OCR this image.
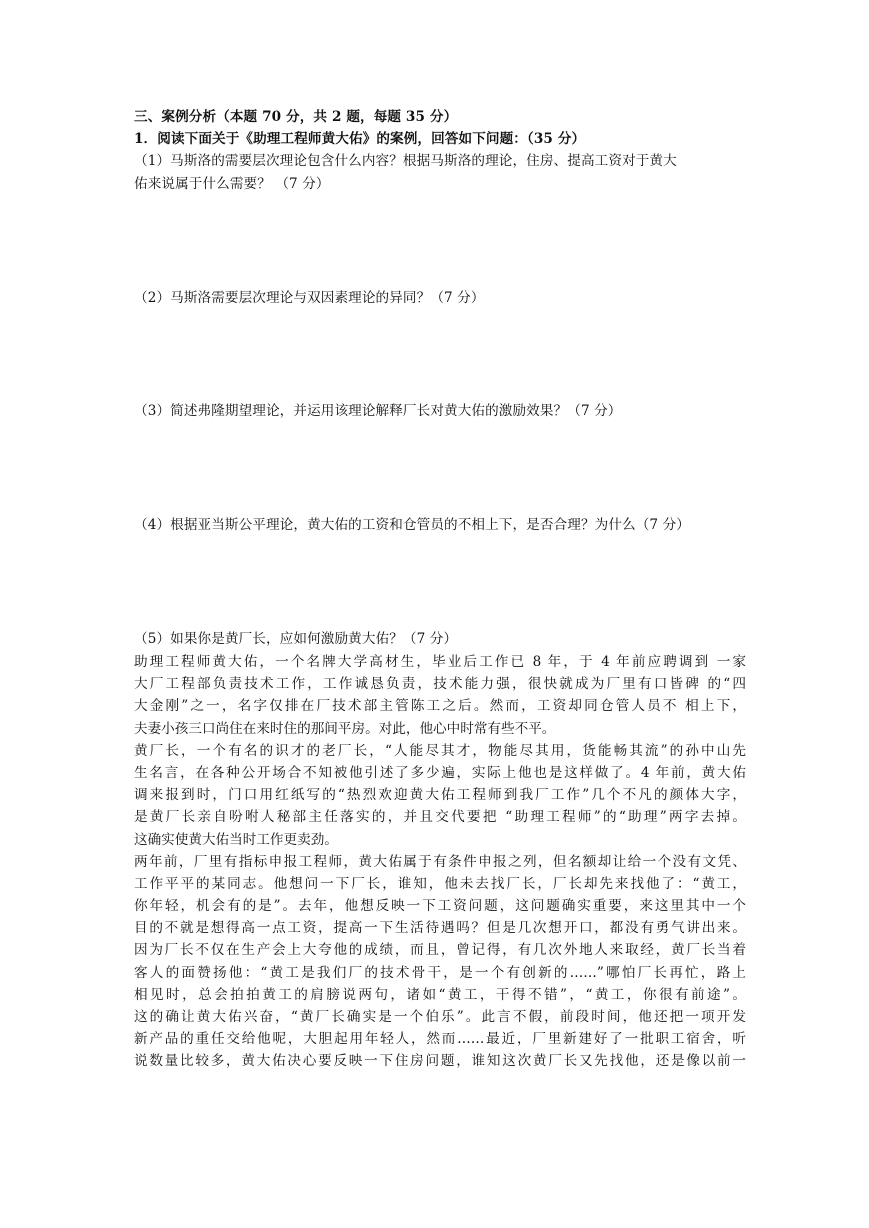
三、案例分析（本题 70 分，共 2 题，每题 35 分）
1．阅读下面关于《助理工程师黄大佑》的案例，回答如下问题：（35 分）
（1）马斯洛的需要层次理论包含什么内容？根据马斯洛的理论，住房、提高工资对于黄大
佑来说属于什么需要？ （7 分）
（2）马斯洛需要层次理论与双因素理论的异同？（7 分）
（3）简述弗隆期望理论，并运用该理论解释厂长对黄大佑的激励效果？（7 分）
（4）根据亚当斯公平理论，黄大佑的工资和仓管员的不相上下，是否合理？为什么（7 分）
（5）如果你是黄厂长，应如何激励黄大佑？（7 分）
助理工程师黄大佑，一个名牌大学高材生，毕业后工作已 8 年，于 4 年前应聘调到 一家
大厂工程部负责技术工作，工作诚恳负责，技术能力强，很快就成为厂里有口皆碑 的“四
大金刚”之一，名字仅排在厂技术部主管陈工之后。然而，工资却同仓管人员不 相上下，
夫妻小孩三口尚住在来时住的那间平房。对此，他心中时常有些不平。
黄厂长，一个有名的识才的老厂长，“人能尽其才，物能尽其用，货能畅其流”的孙中山先
生名言，在各种公开场合不知被他引述了多少遍，实际上他也是这样做了。4 年前，黄大佑
调来报到时，门口用红纸写的“热烈欢迎黄大佑工程师到我厂工作”几个不凡的颜体大字，
是黄厂长亲自吩咐人秘部主任落实的，并且交代要把 “助理工程师”的“助理”两字去掉。
这确实使黄大佑当时工作更卖劲。
两年前，厂里有指标申报工程师，黄大佑属于有条件申报之列，但名额却让给一个没有文凭、
工作平平的某同志。他想问一下厂长，谁知，他未去找厂长，厂长却先来找他了：“黄工，
你年轻，机会有的是”。去年，他想反映一下工资问题，这问题确实重要，来这里其中一个
目的不就是想得高一点工资，提高一下生活待遇吗？但是几次想开口，都没有勇气讲出来。
因为厂长不仅在生产会上大夸他的成绩，而且，曾记得，有几次外地人来取经，黄厂长当着
客人的面赞扬他：“黄工是我们厂的技术骨干，是一个有创新的……”哪怕厂长再忙，路上
相见时，总会拍拍黄工的肩膀说两句，诸如“黄工，干得不错”，“黄工，你很有前途”。
这的确让黄大佑兴奋，“黄厂长确实是一个伯乐”。此言不假，前段时间，他还把一项开发
新产品的重任交给他呢，大胆起用年轻人，然而……最近，厂里新建好了一批职工宿舍，听
说数量比较多，黄大佑决心要反映一下住房问题，谁知这次黄厂长又先找他，还是像以前一
